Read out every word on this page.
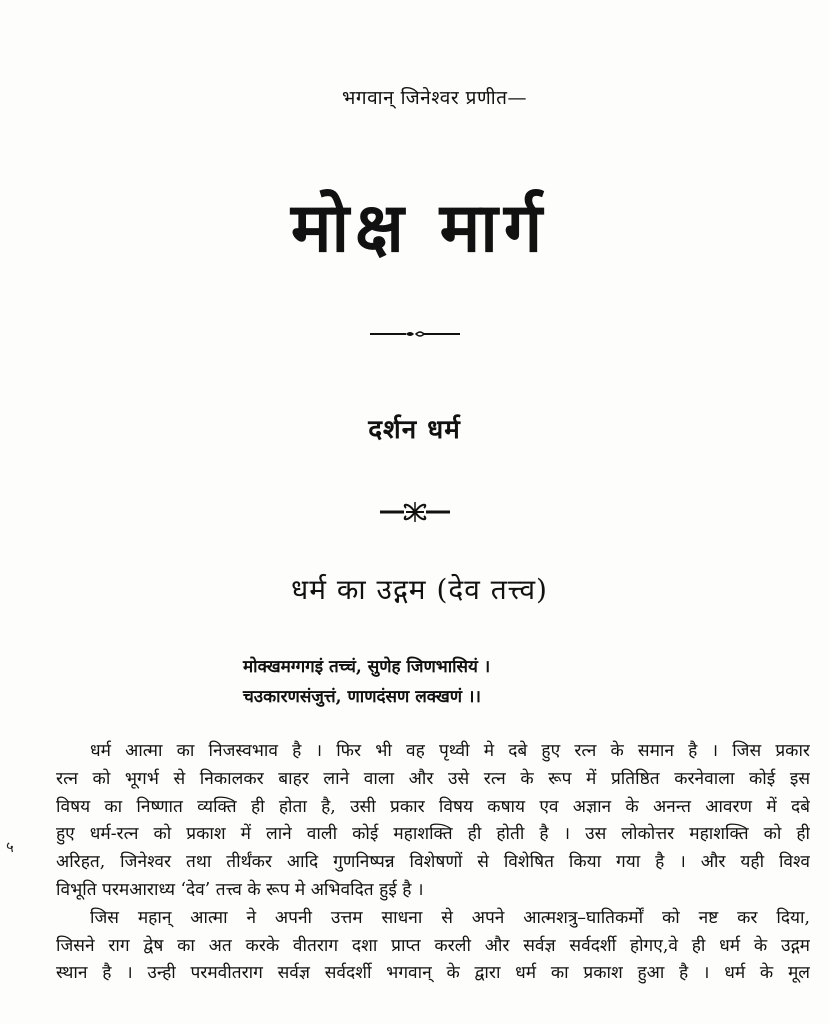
भगवान् जिनेश्वर प्रणीत—
मोक्ष मार्ग
दर्शन धर्म
धर्म का उद्गम (देव तत्त्व)
मोक्खमग्गगइं तच्चं, सुणेह जिणभासियं ।
चउकारणसंजुत्तं, णाणदंसण लक्खणं ।।
५
धर्म आत्मा का निजस्वभाव है । फिर भी वह पृथ्वी मे दबे हुए रत्न के समान है । जिस प्रकार
रत्न को भूगर्भ से निकालकर बाहर लाने वाला और उसे रत्न के रूप में प्रतिष्ठित करनेवाला कोई इस
विषय का निष्णात व्यक्ति ही होता है, उसी प्रकार विषय कषाय एव अज्ञान के अनन्त आवरण में दबे
हुए धर्म-रत्न को प्रकाश में लाने वाली कोई महाशक्ति ही होती है । उस लोकोत्तर महाशक्ति को ही
अरिहत, जिनेश्वर तथा तीर्थंकर आदि गुणनिष्पन्न विशेषणों से विशेषित किया गया है । और यही विश्व
विभूति परमआराध्य ‘देव’ तत्त्व के रूप मे अभिवदित हुई है ।
जिस महान् आत्मा ने अपनी उत्तम साधना से अपने आत्मशत्रु–घातिकर्मों को नष्ट कर दिया,
जिसने राग द्वेष का अत करके वीतराग दशा प्राप्त करली और सर्वज्ञ सर्वदर्शी होगए,वे ही धर्म के उद्गम
स्थान है । उन्ही परमवीतराग सर्वज्ञ सर्वदर्शी भगवान् के द्वारा धर्म का प्रकाश हुआ है । धर्म के मूल
